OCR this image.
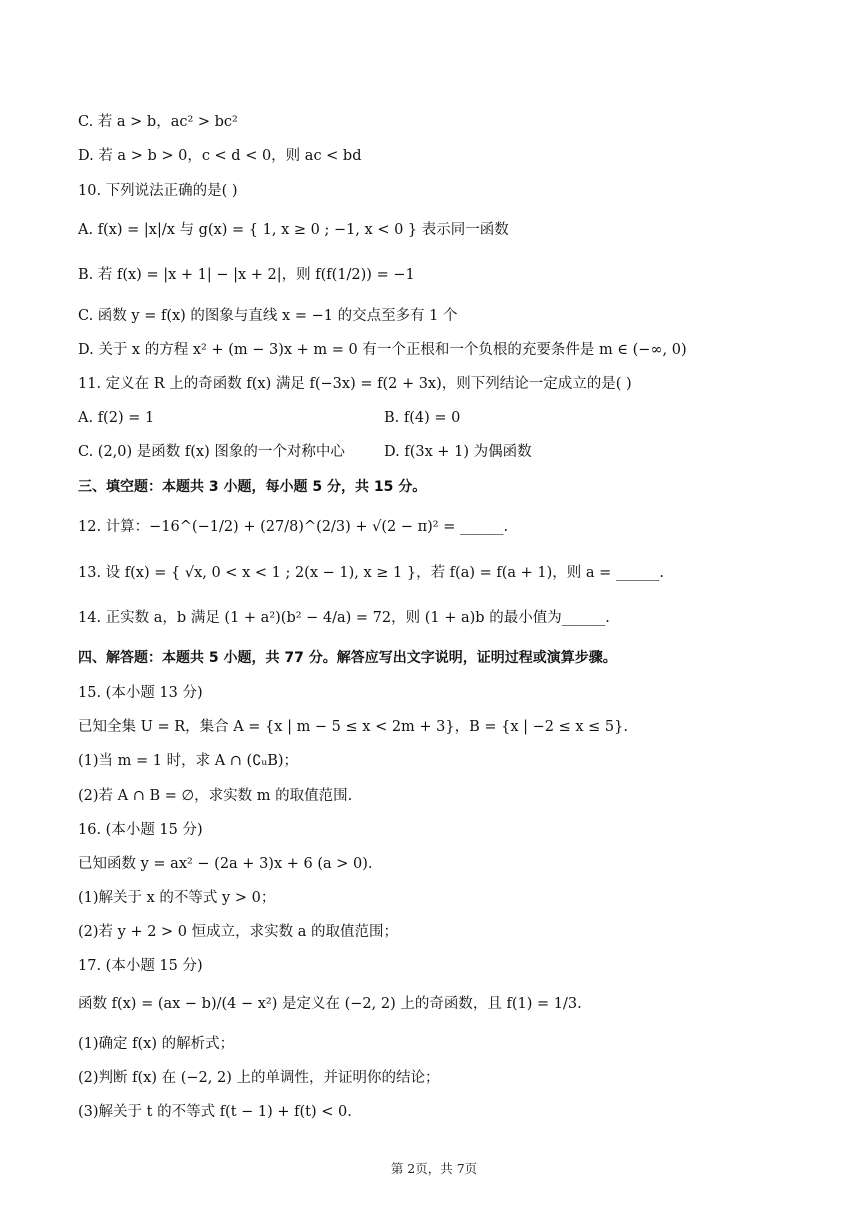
C. 若 a > b，ac² > bc²
D. 若 a > b > 0，c < d < 0，则 ac < bd
10. 下列说法正确的是( )
A. f(x) = |x|/x 与 g(x) = { 1, x ≥ 0 ; −1, x < 0 } 表示同一函数
B. 若 f(x) = |x + 1| − |x + 2|，则 f(f(1/2)) = −1
C. 函数 y = f(x) 的图象与直线 x = −1 的交点至多有 1 个
D. 关于 x 的方程 x² + (m − 3)x + m = 0 有一个正根和一个负根的充要条件是 m ∈ (−∞, 0)
11. 定义在 R 上的奇函数 f(x) 满足 f(−3x) = f(2 + 3x)，则下列结论一定成立的是( )
A. f(2) = 1	B. f(4) = 0
C. (2,0) 是函数 f(x) 图象的一个对称中心	D. f(3x + 1) 为偶函数
三、填空题：本题共 3 小题，每小题 5 分，共 15 分。
12. 计算：−16^(−1/2) + (27/8)^(2/3) + √(2 − π)² = ______.
13. 设 f(x) = { √x, 0 < x < 1 ; 2(x − 1), x ≥ 1 }，若 f(a) = f(a + 1)，则 a = ______.
14. 正实数 a，b 满足 (1 + a²)(b² − 4/a) = 72，则 (1 + a)b 的最小值为______.
四、解答题：本题共 5 小题，共 77 分。解答应写出文字说明，证明过程或演算步骤。
15. (本小题 13 分)
已知全集 U = R，集合 A = {x | m − 5 ≤ x < 2m + 3}，B = {x | −2 ≤ x ≤ 5}.
(1)当 m = 1 时，求 A ∩ (∁ᵤB)；
(2)若 A ∩ B = ∅，求实数 m 的取值范围.
16. (本小题 15 分)
已知函数 y = ax² − (2a + 3)x + 6 (a > 0).
(1)解关于 x 的不等式 y > 0；
(2)若 y + 2 > 0 恒成立，求实数 a 的取值范围；
17. (本小题 15 分)
函数 f(x) = (ax − b)/(4 − x²) 是定义在 (−2, 2) 上的奇函数，且 f(1) = 1/3.
(1)确定 f(x) 的解析式；
(2)判断 f(x) 在 (−2, 2) 上的单调性，并证明你的结论；
(3)解关于 t 的不等式 f(t − 1) + f(t) < 0.
第 2页，共 7页
